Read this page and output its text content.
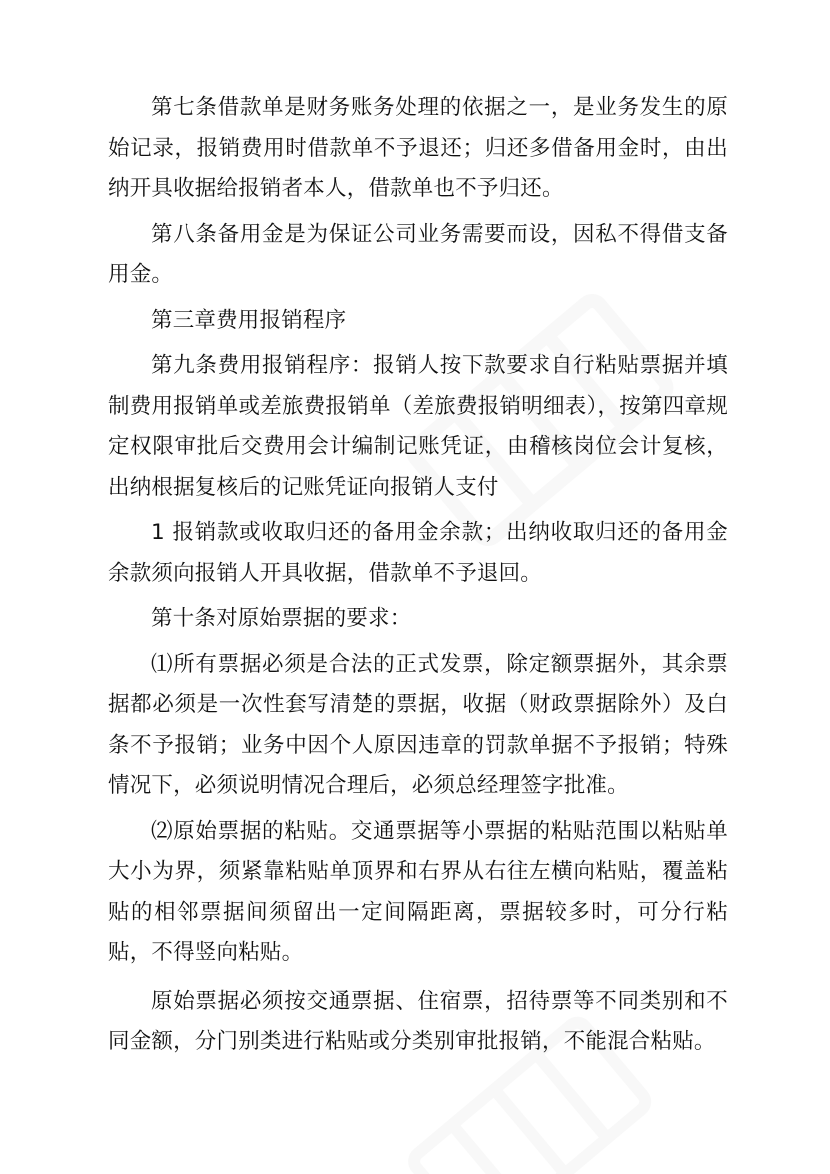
第七条借款单是财务账务处理的依据之一，是业务发生的原始记录，报销费用时借款单不予退还；归还多借备用金时，由出纳开具收据给报销者本人，借款单也不予归还。

第八条备用金是为保证公司业务需要而设，因私不得借支备用金。

第三章费用报销程序

第九条费用报销程序：报销人按下款要求自行粘贴票据并填制费用报销单或差旅费报销单（差旅费报销明细表），按第四章规定权限审批后交费用会计编制记账凭证，由稽核岗位会计复核，出纳根据复核后的记账凭证向报销人支付

1 报销款或收取归还的备用金余款；出纳收取归还的备用金余款须向报销人开具收据，借款单不予退回。

第十条对原始票据的要求：

⑴所有票据必须是合法的正式发票，除定额票据外，其余票据都必须是一次性套写清楚的票据，收据（财政票据除外）及白条不予报销；业务中因个人原因违章的罚款单据不予报销；特殊情况下，必须说明情况合理后，必须总经理签字批准。

⑵原始票据的粘贴。交通票据等小票据的粘贴范围以粘贴单大小为界，须紧靠粘贴单顶界和右界从右往左横向粘贴，覆盖粘贴的相邻票据间须留出一定间隔距离，票据较多时，可分行粘贴，不得竖向粘贴。

原始票据必须按交通票据、住宿票，招待票等不同类别和不同金额，分门别类进行粘贴或分类别审批报销，不能混合粘贴。
